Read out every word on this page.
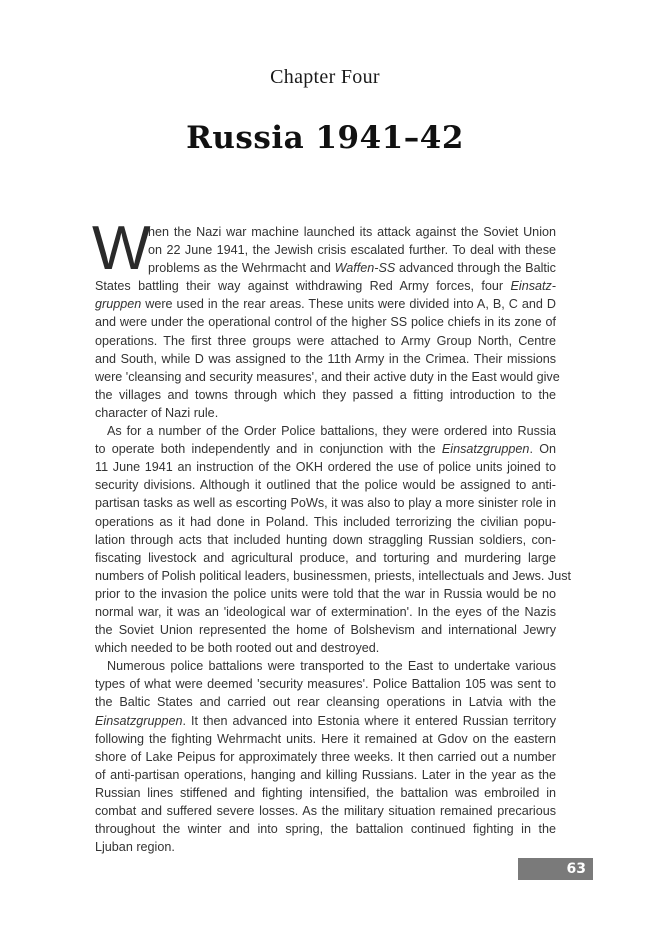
Chapter Four
Russia 1941–42
W
hen the Nazi war machine launched its attack against the Soviet Union
on 22 June 1941, the Jewish crisis escalated further. To deal with these
problems as the Wehrmacht and Waffen-SS advanced through the Baltic
States battling their way against withdrawing Red Army forces, four Einsatz-
gruppen were used in the rear areas. These units were divided into A, B, C and D
and were under the operational control of the higher SS police chiefs in its zone of
operations. The first three groups were attached to Army Group North, Centre
and South, while D was assigned to the 11th Army in the Crimea. Their missions
were 'cleansing and security measures', and their active duty in the East would give
the villages and towns through which they passed a fitting introduction to the
character of Nazi rule.
As for a number of the Order Police battalions, they were ordered into Russia
to operate both independently and in conjunction with the Einsatzgruppen. On
11 June 1941 an instruction of the OKH ordered the use of police units joined to
security divisions. Although it outlined that the police would be assigned to anti-
partisan tasks as well as escorting PoWs, it was also to play a more sinister role in
operations as it had done in Poland. This included terrorizing the civilian popu-
lation through acts that included hunting down straggling Russian soldiers, con-
fiscating livestock and agricultural produce, and torturing and murdering large
numbers of Polish political leaders, businessmen, priests, intellectuals and Jews. Just
prior to the invasion the police units were told that the war in Russia would be no
normal war, it was an 'ideological war of extermination'. In the eyes of the Nazis
the Soviet Union represented the home of Bolshevism and international Jewry
which needed to be both rooted out and destroyed.
Numerous police battalions were transported to the East to undertake various
types of what were deemed 'security measures'. Police Battalion 105 was sent to
the Baltic States and carried out rear cleansing operations in Latvia with the
Einsatzgruppen. It then advanced into Estonia where it entered Russian territory
following the fighting Wehrmacht units. Here it remained at Gdov on the eastern
shore of Lake Peipus for approximately three weeks. It then carried out a number
of anti-partisan operations, hanging and killing Russians. Later in the year as the
Russian lines stiffened and fighting intensified, the battalion was embroiled in
combat and suffered severe losses. As the military situation remained precarious
throughout the winter and into spring, the battalion continued fighting in the
Ljuban region.
63
